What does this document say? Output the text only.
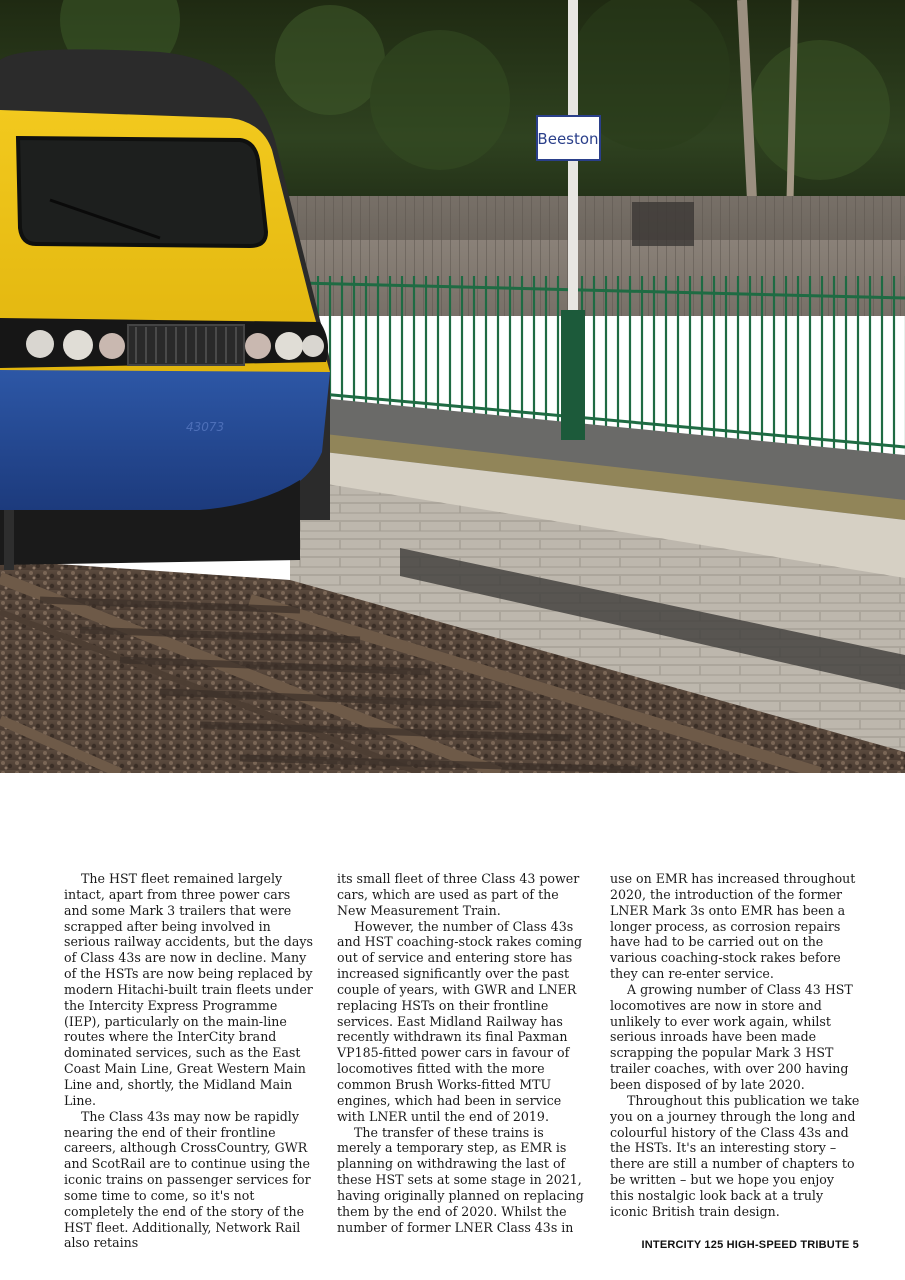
Beeston
43073

The HST fleet remained largely intact, apart from three power cars and some Mark 3 trailers that were scrapped after being involved in serious railway accidents, but the days of Class 43s are now in decline. Many of the HSTs are now being replaced by modern Hitachi-built train fleets under the Intercity Express Programme (IEP), particularly on the main-line routes where the InterCity brand dominated services, such as the East Coast Main Line, Great Western Main Line and, shortly, the Midland Main Line.

The Class 43s may now be rapidly nearing the end of their frontline careers, although CrossCountry, GWR and ScotRail are to continue using the iconic trains on passenger services for some time to come, so it's not completely the end of the story of the HST fleet. Additionally, Network Rail also retains

its small fleet of three Class 43 power cars, which are used as part of the New Measurement Train.

However, the number of Class 43s and HST coaching-stock rakes coming out of service and entering store has increased significantly over the past couple of years, with GWR and LNER replacing HSTs on their frontline services. East Midland Railway has recently withdrawn its final Paxman VP185-fitted power cars in favour of locomotives fitted with the more common Brush Works-fitted MTU engines, which had been in service with LNER until the end of 2019.

The transfer of these trains is merely a temporary step, as EMR is planning on withdrawing the last of these HST sets at some stage in 2021, having originally planned on replacing them by the end of 2020. Whilst the number of former LNER Class 43s in

use on EMR has increased throughout 2020, the introduction of the former LNER Mark 3s onto EMR has been a longer process, as corrosion repairs have had to be carried out on the various coaching-stock rakes before they can re-enter service.

A growing number of Class 43 HST locomotives are now in store and unlikely to ever work again, whilst serious inroads have been made scrapping the popular Mark 3 HST trailer coaches, with over 200 having been disposed of by late 2020.

Throughout this publication we take you on a journey through the long and colourful history of the Class 43s and the HSTs. It's an interesting story – there are still a number of chapters to be written – but we hope you enjoy this nostalgic look back at a truly iconic British train design.

INTERCITY 125 HIGH-SPEED TRIBUTE 5
